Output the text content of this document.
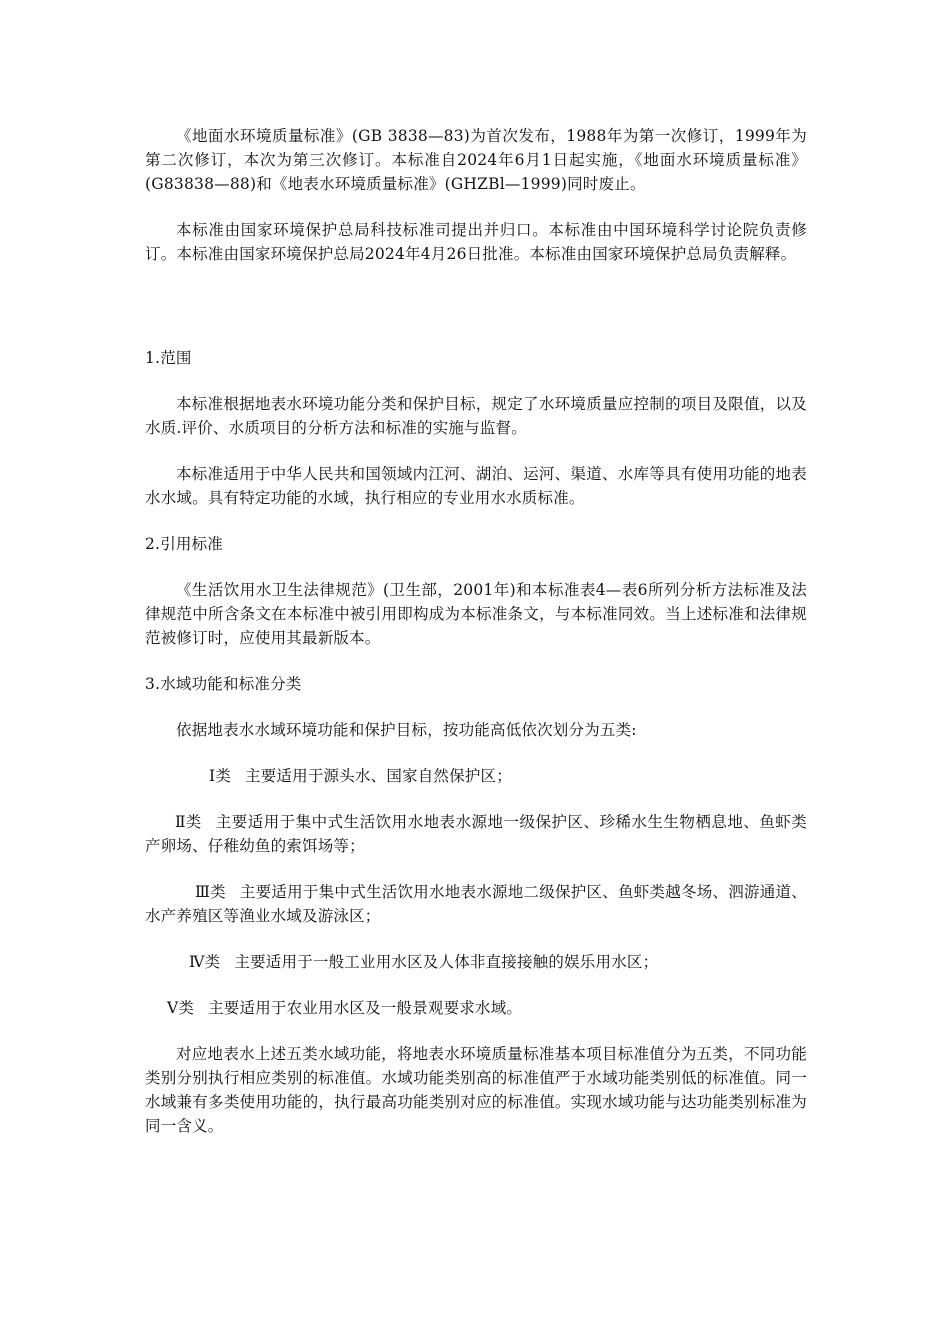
《地面水环境质量标准》(GB 3838—83)为首次发布，1988年为第一次修订，1999年为第二次修订，本次为第三次修订。本标准自2024年6月1日起实施，《地面水环境质量标准》(G83838—88)和《地表水环境质量标准》(GHZBl—1999)同时废止。

本标准由国家环境保护总局科技标准司提出并归口。本标准由中国环境科学讨论院负责修订。本标准由国家环境保护总局2024年4月26日批准。本标准由国家环境保护总局负责解释。

1.范围

本标准根据地表水环境功能分类和保护目标，规定了水环境质量应控制的项目及限值，以及水质.评价、水质项目的分析方法和标准的实施与监督。

本标准适用于中华人民共和国领域内江河、湖泊、运河、渠道、水库等具有使用功能的地表水水域。具有特定功能的水域，执行相应的专业用水水质标准。

2.引用标准

《生活饮用水卫生法律规范》(卫生部，2001年)和本标准表4—表6所列分析方法标准及法律规范中所含条文在本标准中被引用即构成为本标准条文，与本标准同效。当上述标准和法律规范被修订时，应使用其最新版本。

3.水域功能和标准分类

依据地表水水域环境功能和保护目标，按功能高低依次划分为五类:

Ⅰ类 主要适用于源头水、国家自然保护区；

Ⅱ类 主要适用于集中式生活饮用水地表水源地一级保护区、珍稀水生生物栖息地、鱼虾类产卵场、仔稚幼鱼的索饵场等；

Ⅲ类 主要适用于集中式生活饮用水地表水源地二级保护区、鱼虾类越冬场、泗游通道、水产养殖区等渔业水域及游泳区；

Ⅳ类 主要适用于一般工业用水区及人体非直接接触的娱乐用水区；

Ⅴ类 主要适用于农业用水区及一般景观要求水域。

对应地表水上述五类水域功能，将地表水环境质量标准基本项目标准值分为五类，不同功能类别分别执行相应类别的标准值。水域功能类别高的标准值严于水域功能类别低的标准值。同一水域兼有多类使用功能的，执行最高功能类别对应的标准值。实现水域功能与达功能类别标准为同一含义。
